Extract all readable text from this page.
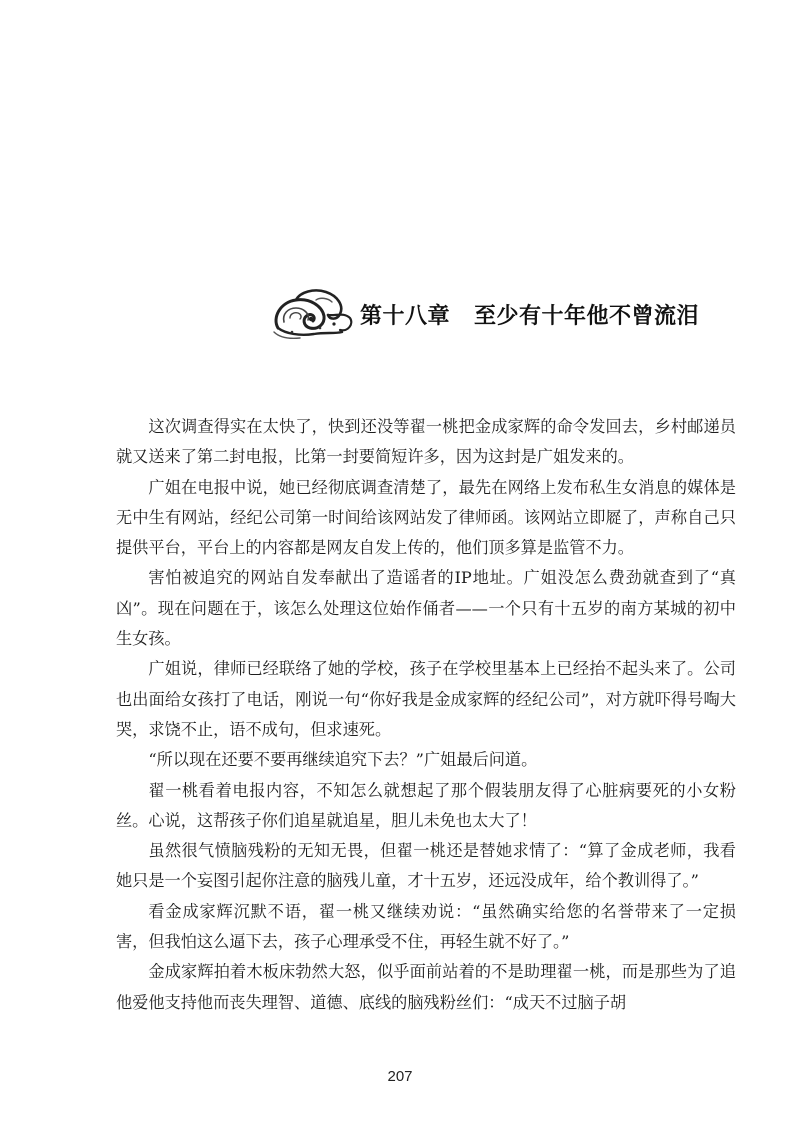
第十八章 至少有十年他不曾流泪

这次调查得实在太快了，快到还没等翟一桃把金成家辉的命令发回去，乡村邮递员就又送来了第二封电报，比第一封要简短许多，因为这封是广姐发来的。

广姐在电报中说，她已经彻底调查清楚了，最先在网络上发布私生女消息的媒体是无中生有网站，经纪公司第一时间给该网站发了律师函。该网站立即㞞了，声称自己只提供平台，平台上的内容都是网友自发上传的，他们顶多算是监管不力。

害怕被追究的网站自发奉献出了造谣者的IP地址。广姐没怎么费劲就查到了“真凶”。现在问题在于，该怎么处理这位始作俑者——一个只有十五岁的南方某城的初中生女孩。

广姐说，律师已经联络了她的学校，孩子在学校里基本上已经抬不起头来了。公司也出面给女孩打了电话，刚说一句“你好我是金成家辉的经纪公司”，对方就吓得号啕大哭，求饶不止，语不成句，但求速死。

“所以现在还要不要再继续追究下去？”广姐最后问道。

翟一桃看着电报内容，不知怎么就想起了那个假装朋友得了心脏病要死的小女粉丝。心说，这帮孩子你们追星就追星，胆儿未免也太大了！

虽然很气愤脑残粉的无知无畏，但翟一桃还是替她求情了：“算了金成老师，我看她只是一个妄图引起你注意的脑残儿童，才十五岁，还远没成年，给个教训得了。”

看金成家辉沉默不语，翟一桃又继续劝说：“虽然确实给您的名誉带来了一定损害，但我怕这么逼下去，孩子心理承受不住，再轻生就不好了。”

金成家辉拍着木板床勃然大怒，似乎面前站着的不是助理翟一桃，而是那些为了追他爱他支持他而丧失理智、道德、底线的脑残粉丝们：“成天不过脑子胡

207
